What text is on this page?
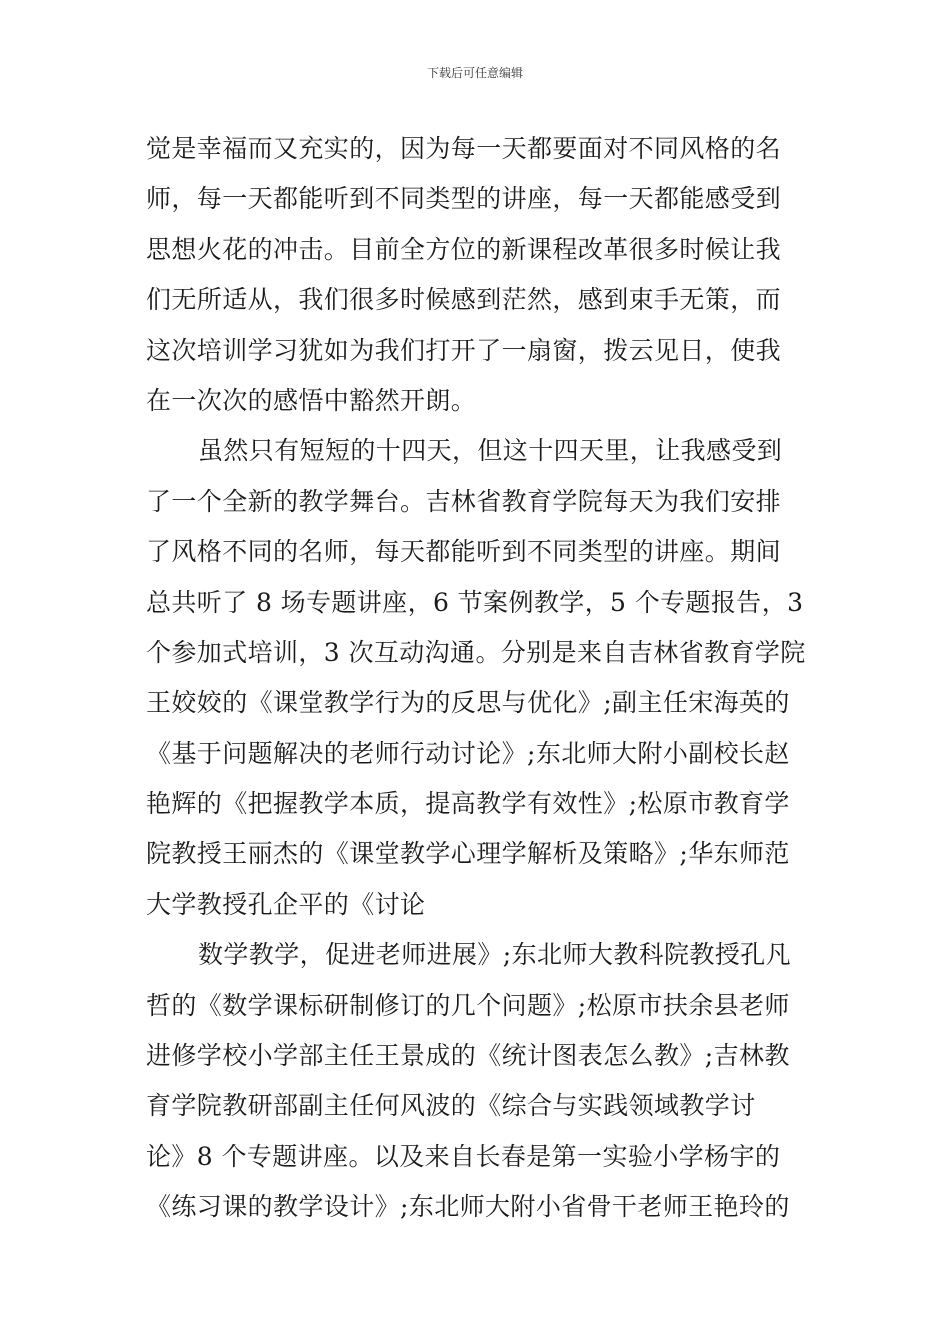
下载后可任意编辑
觉是幸福而又充实的，因为每一天都要面对不同风格的名
师，每一天都能听到不同类型的讲座，每一天都能感受到
思想火花的冲击。目前全方位的新课程改革很多时候让我
们无所适从，我们很多时候感到茫然，感到束手无策，而
这次培训学习犹如为我们打开了一扇窗，拨云见日，使我
在一次次的感悟中豁然开朗。
虽然只有短短的十四天，但这十四天里，让我感受到
了一个全新的教学舞台。吉林省教育学院每天为我们安排
了风格不同的名师，每天都能听到不同类型的讲座。期间
总共听了 8 场专题讲座，6 节案例教学，5 个专题报告，3
个参加式培训，3 次互动沟通。分别是来自吉林省教育学院
王姣姣的《课堂教学行为的反思与优化》;副主任宋海英的
《基于问题解决的老师行动讨论》;东北师大附小副校长赵
艳辉的《把握教学本质，提高教学有效性》;松原市教育学
院教授王丽杰的《课堂教学心理学解析及策略》;华东师范
大学教授孔企平的《讨论
数学教学，促进老师进展》;东北师大教科院教授孔凡
哲的《数学课标研制修订的几个问题》;松原市扶余县老师
进修学校小学部主任王景成的《统计图表怎么教》;吉林教
育学院教研部副主任何风波的《综合与实践领域教学讨
论》8 个专题讲座。以及来自长春是第一实验小学杨宇的
《练习课的教学设计》;东北师大附小省骨干老师王艳玲的
